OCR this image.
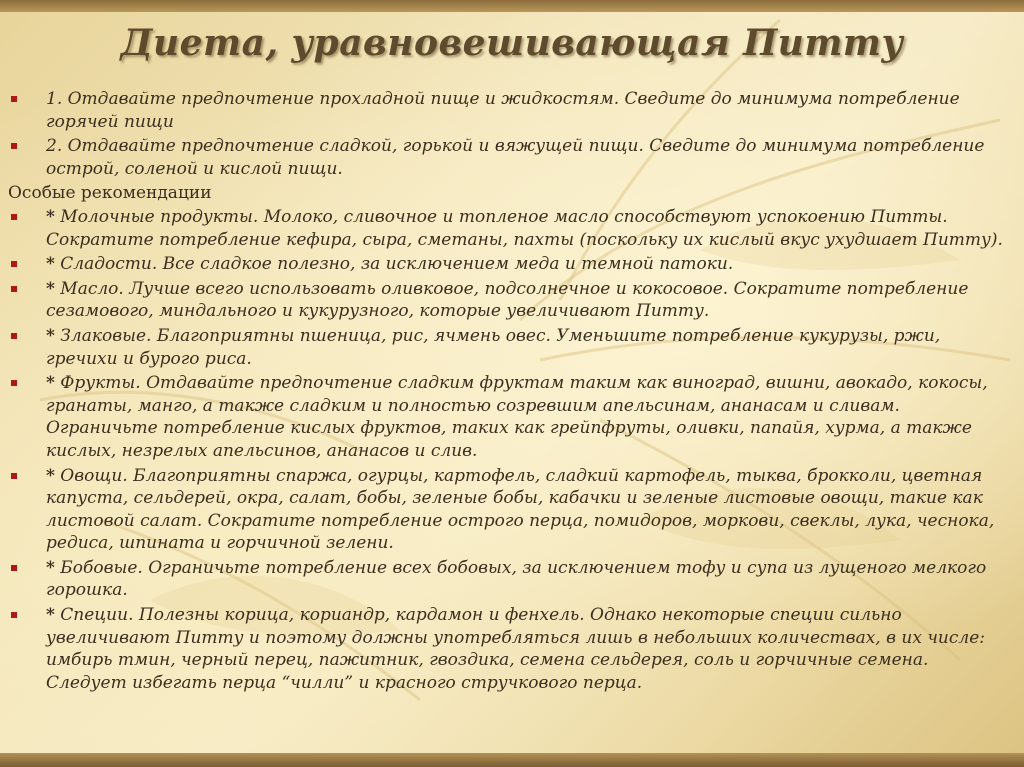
Диета, уравновешивающая Питту
1. Отдавайте предпочтение прохладной пище и жидкостям. Сведите до минимума потребление горячей пищи
2. Отдавайте предпочтение сладкой, горькой и вяжущей пищи. Сведите до минимума потребление острой, соленой и кислой пищи.
Особые рекомендации
* Молочные продукты. Молоко, сливочное и топленое масло способствуют успокоению Питты. Сократите потребление кефира, сыра, сметаны, пахты (поскольку их кислый вкус ухудшает Питту).
* Сладости. Все сладкое полезно, за исключением меда и темной патоки.
* Масло. Лучше всего использовать оливковое, подсолнечное и кокосовое. Сократите потребление сезамового, миндального и кукурузного, которые увеличивают Питту.
* Злаковые. Благоприятны пшеница, рис, ячмень овес. Уменьшите потребление кукурузы, ржи, гречихи и бурого риса.
* Фрукты. Отдавайте предпочтение сладким фруктам таким как виноград, вишни, авокадо, кокосы, гранаты, манго, а также сладким и полностью созревшим апельсинам, ананасам и сливам. Ограничьте потребление кислых фруктов, таких как грейпфруты, оливки, папайя, хурма, а также кислых, незрелых апельсинов, ананасов и слив.
* Овощи. Благоприятны спаржа, огурцы, картофель, сладкий картофель, тыква, брокколи, цветная капуста, сельдерей, окра, салат, бобы, зеленые бобы, кабачки и зеленые листовые овощи, такие как листовой салат. Сократите потребление острого перца, помидоров, моркови, свеклы, лука, чеснока, редиса, шпината и горчичной зелени.
* Бобовые. Ограничьте потребление всех бобовых, за исключением тофу и супа из лущеного мелкого горошка.
* Специи. Полезны корица, кориандр, кардамон и фенхель. Однако некоторые специи сильно увеличивают Питту и поэтому должны употребляться лишь в небольших количествах, в их числе: имбирь тмин, черный перец, пажитник, гвоздика, семена сельдерея, соль и горчичные семена. Следует избегать перца “чилли” и красного стручкового перца.
